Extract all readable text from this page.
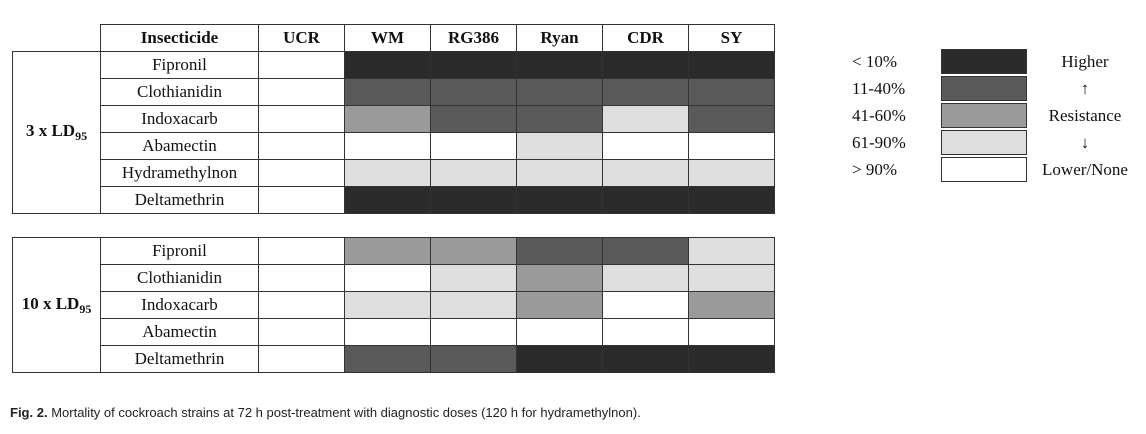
	Insecticide	UCR	WM	RG386	Ryan	CDR	SY
3 x $LD_{95}$	Fipronil						
	Clothianidin						
	Indoxacarb						
	Abamectin						
	Hydramethylnon						
	Deltamethrin						
10 x $LD_{95}$	Fipronil						
	Clothianidin						
	Indoxacarb						
	Abamectin						
	Deltamethrin						
< 10%	Higher
11-40%	↑
41-60%	Resistance
61-90%	↓
> 90%	Lower/None
Fig. 2. Mortality of cockroach strains at 72 h post-treatment with diagnostic doses (120 h for hydramethylnon).
